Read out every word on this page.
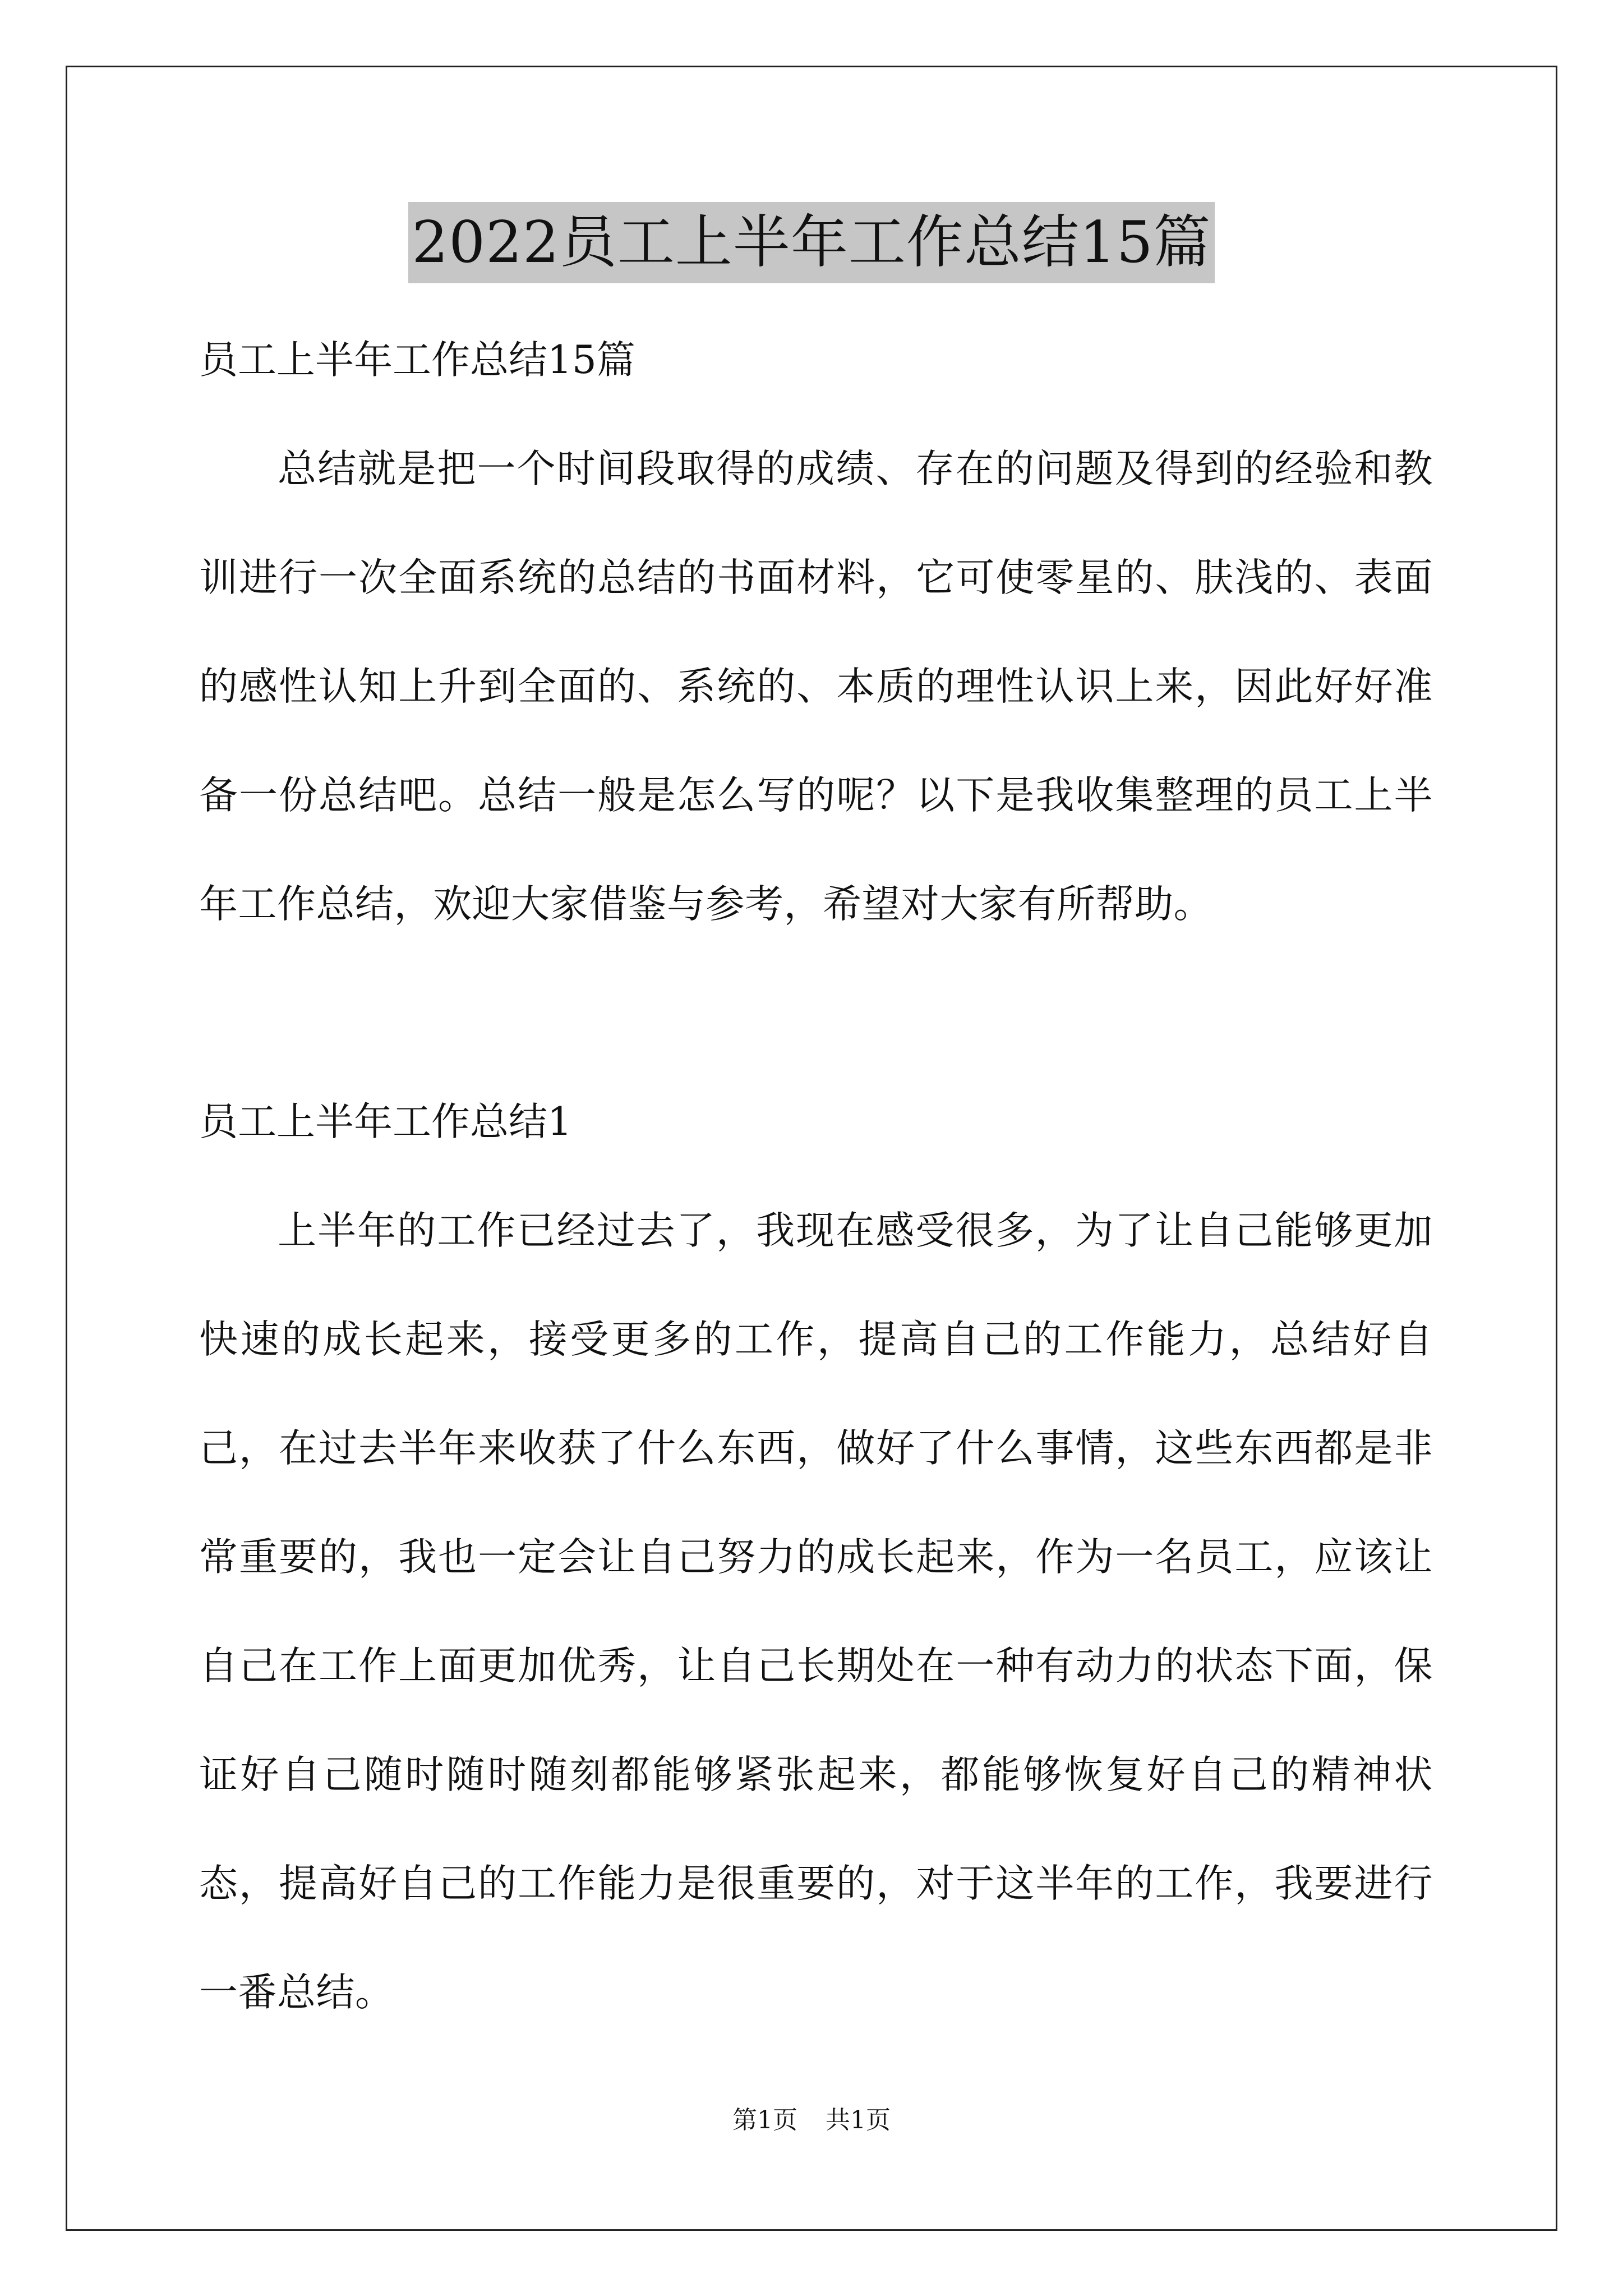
2022员工上半年工作总结15篇

员工上半年工作总结15篇

总结就是把一个时间段取得的成绩、存在的问题及得到的经验和教训进行一次全面系统的总结的书面材料，它可使零星的、肤浅的、表面的感性认知上升到全面的、系统的、本质的理性认识上来，因此好好准备一份总结吧。总结一般是怎么写的呢？以下是我收集整理的员工上半年工作总结，欢迎大家借鉴与参考，希望对大家有所帮助。

员工上半年工作总结1

上半年的工作已经过去了，我现在感受很多，为了让自己能够更加快速的成长起来，接受更多的工作，提高自己的工作能力，总结好自己，在过去半年来收获了什么东西，做好了什么事情，这些东西都是非常重要的，我也一定会让自己努力的成长起来，作为一名员工，应该让自己在工作上面更加优秀，让自己长期处在一种有动力的状态下面，保证好自己随时随时随刻都能够紧张起来，都能够恢复好自己的精神状态，提高好自己的工作能力是很重要的，对于这半年的工作，我要进行一番总结。

第1页 共1页
